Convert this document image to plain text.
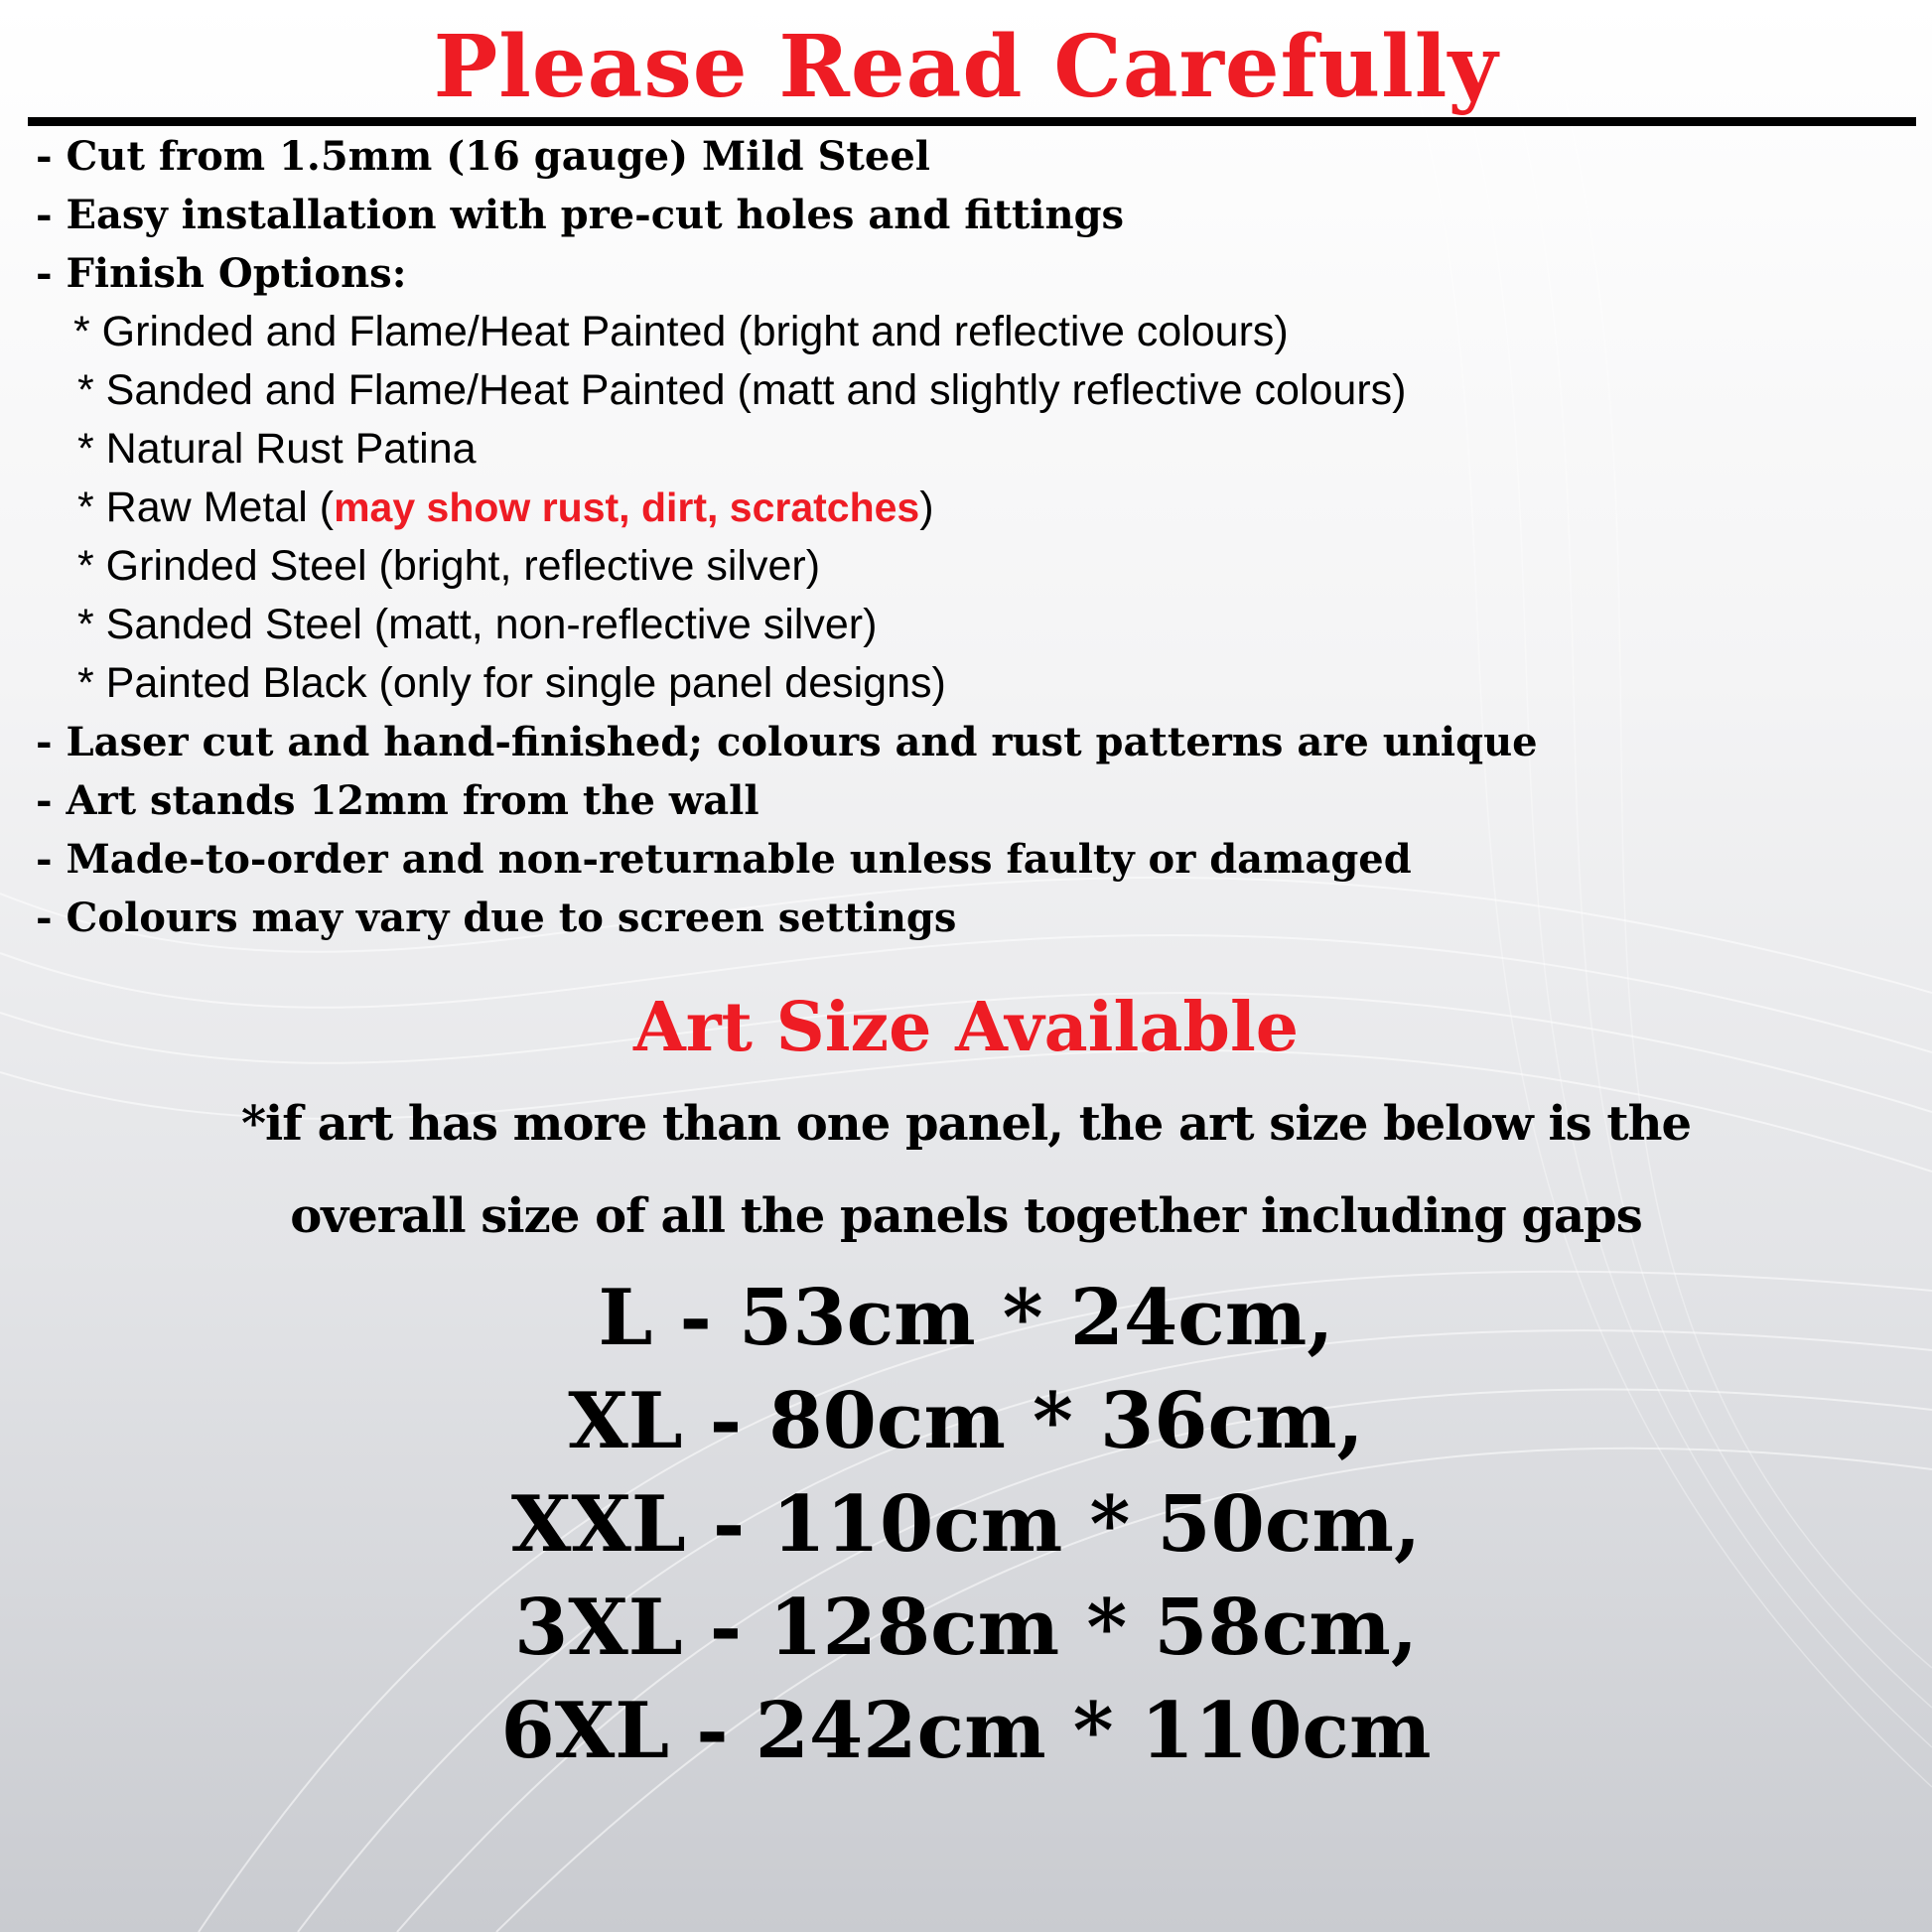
Please Read Carefully
- Cut from 1.5mm (16 gauge) Mild Steel
- Easy installation with pre-cut holes and fittings
- Finish Options:
* Grinded and Flame/Heat Painted (bright and reflective colours)
* Sanded and Flame/Heat Painted (matt and slightly reflective colours)
* Natural Rust Patina
* Raw Metal (may show rust, dirt, scratches)
* Grinded Steel (bright, reflective silver)
* Sanded Steel (matt, non-reflective silver)
* Painted Black (only for single panel designs)
- Laser cut and hand-finished; colours and rust patterns are unique
- Art stands 12mm from the wall
- Made-to-order and non-returnable unless faulty or damaged
- Colours may vary due to screen settings
Art Size Available
*if art has more than one panel, the art size below is the
overall size of all the panels together including gaps
L - 53cm * 24cm,
XL - 80cm * 36cm,
XXL - 110cm * 50cm,
3XL - 128cm * 58cm,
6XL - 242cm * 110cm
